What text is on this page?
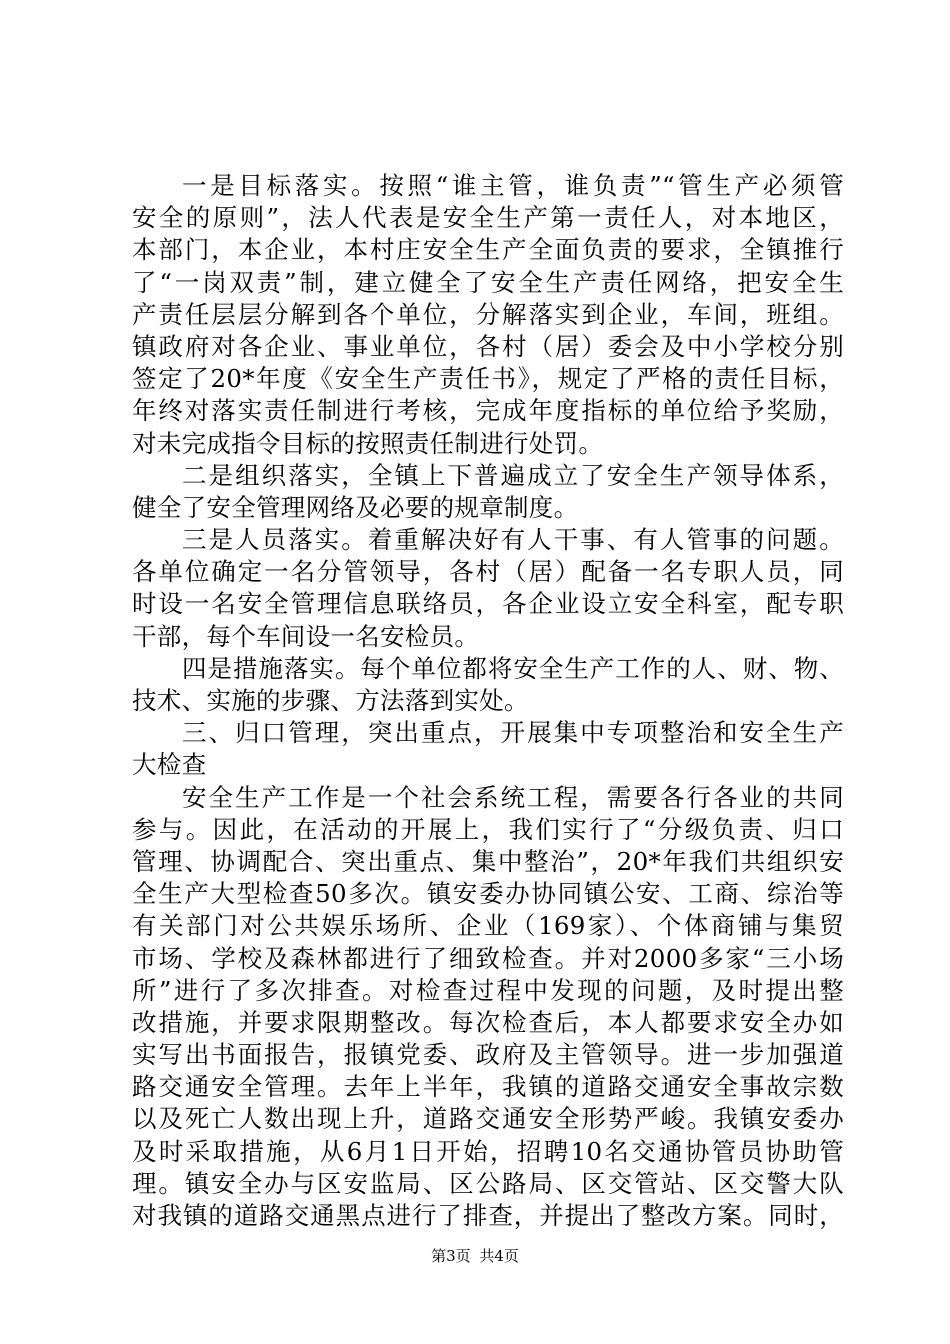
一是目标落实。按照“谁主管，谁负责”“管生产必须管
安全的原则”，法人代表是安全生产第一责任人，对本地区，
本部门，本企业，本村庄安全生产全面负责的要求，全镇推行
了“一岗双责”制，建立健全了安全生产责任网络，把安全生
产责任层层分解到各个单位，分解落实到企业，车间，班组。
镇政府对各企业、事业单位，各村（居）委会及中小学校分别
签定了20*年度《安全生产责任书》，规定了严格的责任目标，
年终对落实责任制进行考核，完成年度指标的单位给予奖励，
对未完成指令目标的按照责任制进行处罚。
二是组织落实，全镇上下普遍成立了安全生产领导体系，
健全了安全管理网络及必要的规章制度。
三是人员落实。着重解决好有人干事、有人管事的问题。
各单位确定一名分管领导，各村（居）配备一名专职人员，同
时设一名安全管理信息联络员，各企业设立安全科室，配专职
干部，每个车间设一名安检员。
四是措施落实。每个单位都将安全生产工作的人、财、物、
技术、实施的步骤、方法落到实处。
三、归口管理，突出重点，开展集中专项整治和安全生产
大检查
安全生产工作是一个社会系统工程，需要各行各业的共同
参与。因此，在活动的开展上，我们实行了“分级负责、归口
管理、协调配合、突出重点、集中整治”，20*年我们共组织安
全生产大型检查50多次。镇安委办协同镇公安、工商、综治等
有关部门对公共娱乐场所、企业（169家）、个体商铺与集贸
市场、学校及森林都进行了细致检查。并对2000多家“三小场
所”进行了多次排查。对检查过程中发现的问题，及时提出整
改措施，并要求限期整改。每次检查后，本人都要求安全办如
实写出书面报告，报镇党委、政府及主管领导。进一步加强道
路交通安全管理。去年上半年，我镇的道路交通安全事故宗数
以及死亡人数出现上升，道路交通安全形势严峻。我镇安委办
及时采取措施，从6月1日开始，招聘10名交通协管员协助管
理。镇安全办与区安监局、区公路局、区交管站、区交警大队
对我镇的道路交通黑点进行了排查，并提出了整改方案。同时，
第3页 共4页
